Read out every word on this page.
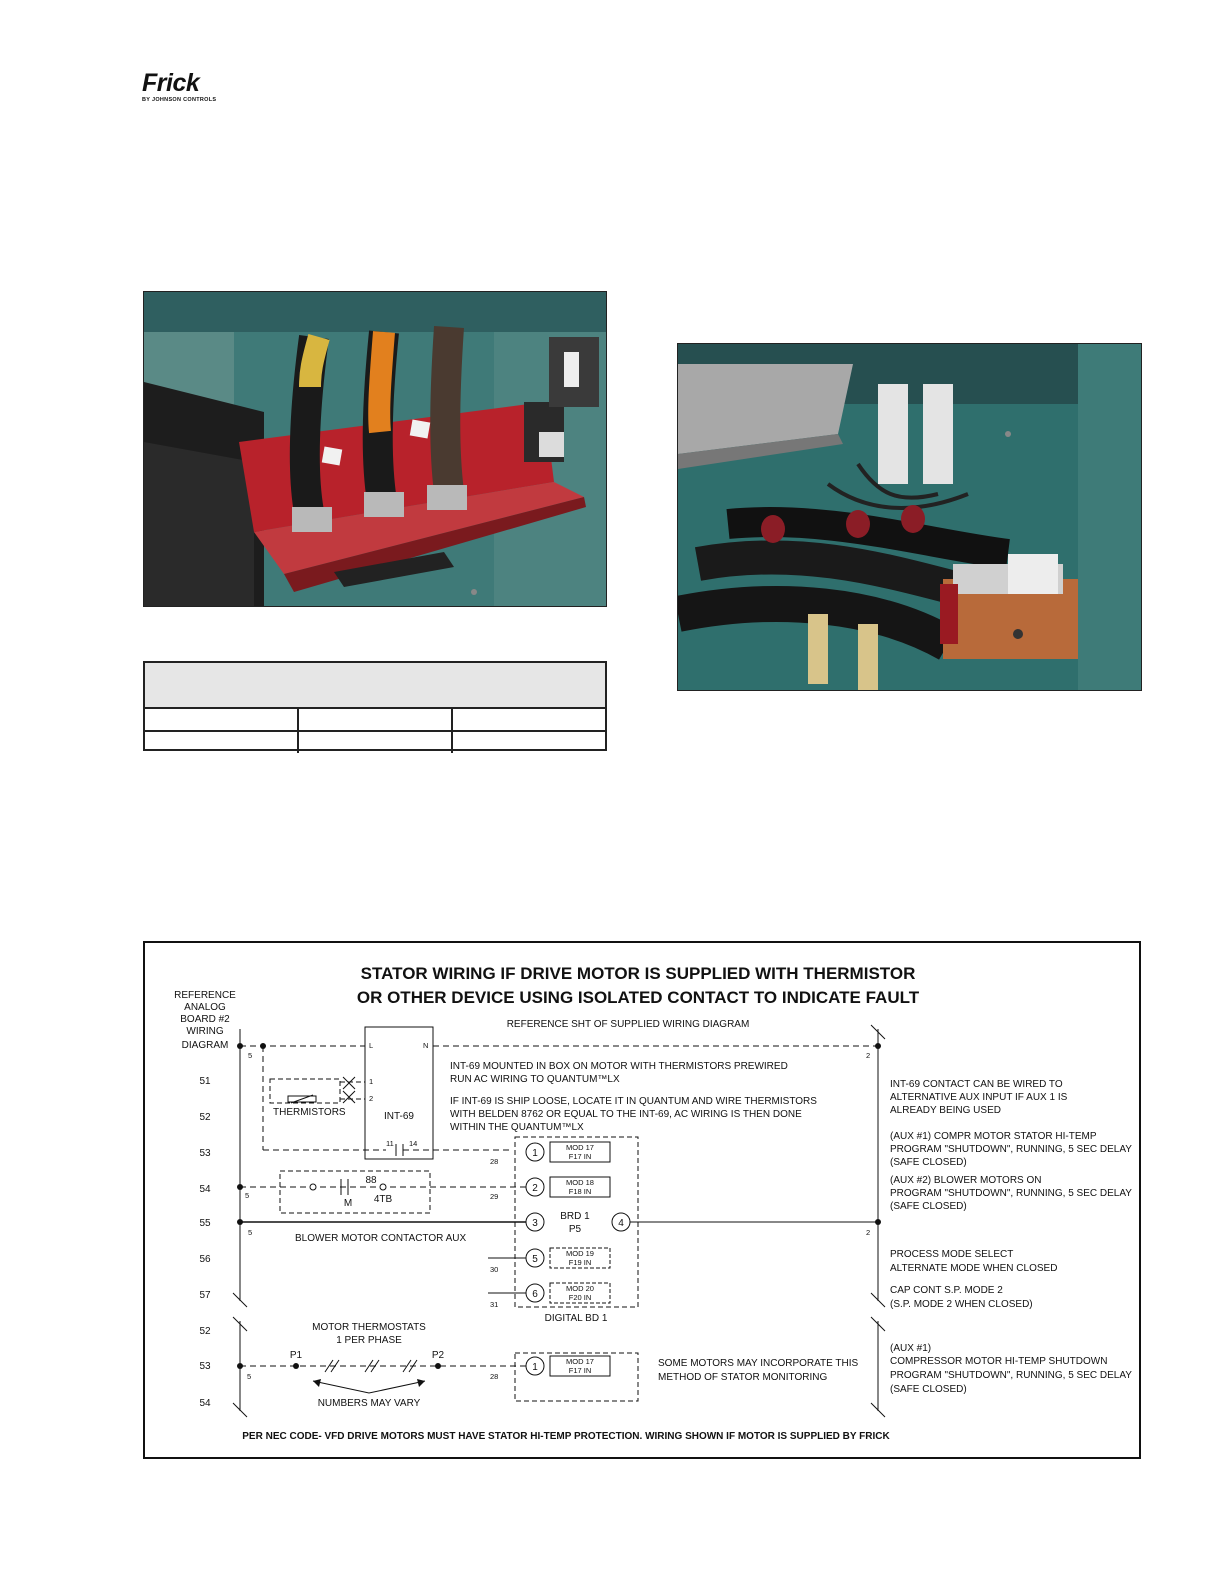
Frick
BY JOHNSON CONTROLS
STATOR WIRING IF DRIVE MOTOR IS SUPPLIED WITH THERMISTOR
OR OTHER DEVICE USING ISOLATED CONTACT TO INDICATE FAULT
REFERENCE
ANALOG
BOARD #2
WIRING
DIAGRAM
REFERENCE SHT OF SUPPLIED WIRING DIAGRAM
51
52
53
54
55
56
57
52
53
54
5	2
L	N
1
2
INT-69
11 14
THERMISTORS
INT-69 MOUNTED IN BOX ON MOTOR WITH THERMISTORS PREWIRED
RUN AC WIRING TO QUANTUM™LX
IF INT-69 IS SHIP LOOSE, LOCATE IT IN QUANTUM AND WIRE THERMISTORS
WITH BELDEN 8762 OR EQUAL TO THE INT-69, AC WIRING IS THEN DONE
WITHIN THE QUANTUM™LX
DIGITAL BD 1
1
MOD 17
F17 IN
28
88
M 4TB
5	29
2
MOD 18
F18 IN
5
BLOWER MOTOR CONTACTOR AUX
3
BRD 1
P5
4
2
5
MOD 19
F19 IN
30
6
MOD 20
F20 IN
31
INT-69 CONTACT CAN BE WIRED TO
ALTERNATIVE AUX INPUT IF AUX 1 IS
ALREADY BEING USED
(AUX #1) COMPR MOTOR STATOR HI-TEMP
PROGRAM "SHUTDOWN", RUNNING, 5 SEC DELAY
(SAFE CLOSED)
(AUX #2) BLOWER MOTORS ON
PROGRAM "SHUTDOWN", RUNNING, 5 SEC DELAY
(SAFE CLOSED)
PROCESS MODE SELECT
ALTERNATE MODE WHEN CLOSED
CAP CONT S.P. MODE 2
(S.P. MODE 2 WHEN CLOSED)
(AUX #1)
COMPRESSOR MOTOR HI-TEMP SHUTDOWN
PROGRAM "SHUTDOWN", RUNNING, 5 SEC DELAY
(SAFE CLOSED)
MOTOR THERMOSTATS
1 PER PHASE
P1	P2
5	28
NUMBERS MAY VARY
1
MOD 17
F17 IN
SOME MOTORS MAY INCORPORATE THIS
METHOD OF STATOR MONITORING
PER NEC CODE- VFD DRIVE MOTORS MUST HAVE STATOR HI-TEMP PROTECTION. WIRING SHOWN IF MOTOR IS SUPPLIED BY FRICK
